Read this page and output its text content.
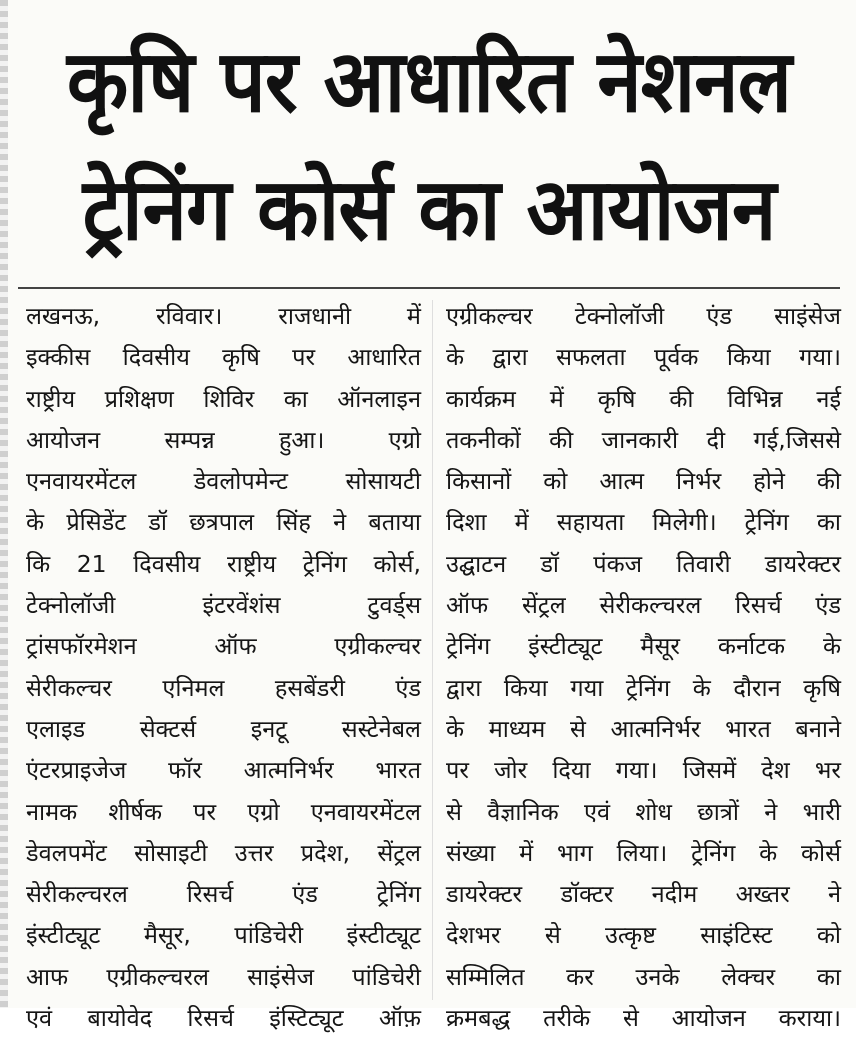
कृषि पर आधारित नेशनल
ट्रेनिंग कोर्स का आयोजन
लखनऊ, रविवार। राजधानी में
इक्कीस दिवसीय कृषि पर आधारित
राष्ट्रीय प्रशिक्षण शिविर का ऑनलाइन
आयोजन सम्पन्न हुआ। एग्रो
एनवायरमेंटल डेवलोपमेन्ट सोसायटी
के प्रेसिडेंट डॉ छत्रपाल सिंह ने बताया
कि 21 दिवसीय राष्ट्रीय ट्रेनिंग कोर्स,
टेक्नोलॉजी इंटरवेंशंस टुवर्ड्स
ट्रांसफॉरमेशन ऑफ एग्रीकल्चर
सेरीकल्चर एनिमल हसबेंडरी एंड
एलाइड सेक्टर्स इनटू सस्टेनेबल
एंटरप्राइजेज फॉर आत्मनिर्भर भारत
नामक शीर्षक पर एग्रो एनवायरमेंटल
डेवलपमेंट सोसाइटी उत्तर प्रदेश, सेंट्रल
सेरीकल्चरल रिसर्च एंड ट्रेनिंग
इंस्टीट्यूट मैसूर, पांडिचेरी इंस्टीट्यूट
आफ एग्रीकल्चरल साइंसेज पांडिचेरी
एवं बायोवेद रिसर्च इंस्टिट्यूट ऑफ़
एग्रीकल्चर टेक्नोलॉजी एंड साइंसेज
के द्वारा सफलता पूर्वक किया गया।
कार्यक्रम में कृषि की विभिन्न नई
तकनीकों की जानकारी दी गई,जिससे
किसानों को आत्म निर्भर होने की
दिशा में सहायता मिलेगी। ट्रेनिंग का
उद्घाटन डॉ पंकज तिवारी डायरेक्टर
ऑफ सेंट्रल सेरीकल्चरल रिसर्च एंड
ट्रेनिंग इंस्टीट्यूट मैसूर कर्नाटक के
द्वारा किया गया ट्रेनिंग के दौरान कृषि
के माध्यम से आत्मनिर्भर भारत बनाने
पर जोर दिया गया। जिसमें देश भर
से वैज्ञानिक एवं शोध छात्रों ने भारी
संख्या में भाग लिया। ट्रेनिंग के कोर्स
डायरेक्टर डॉक्टर नदीम अख्तर ने
देशभर से उत्कृष्ट साइंटिस्ट को
सम्मिलित कर उनके लेक्चर का
क्रमबद्ध तरीके से आयोजन कराया।
